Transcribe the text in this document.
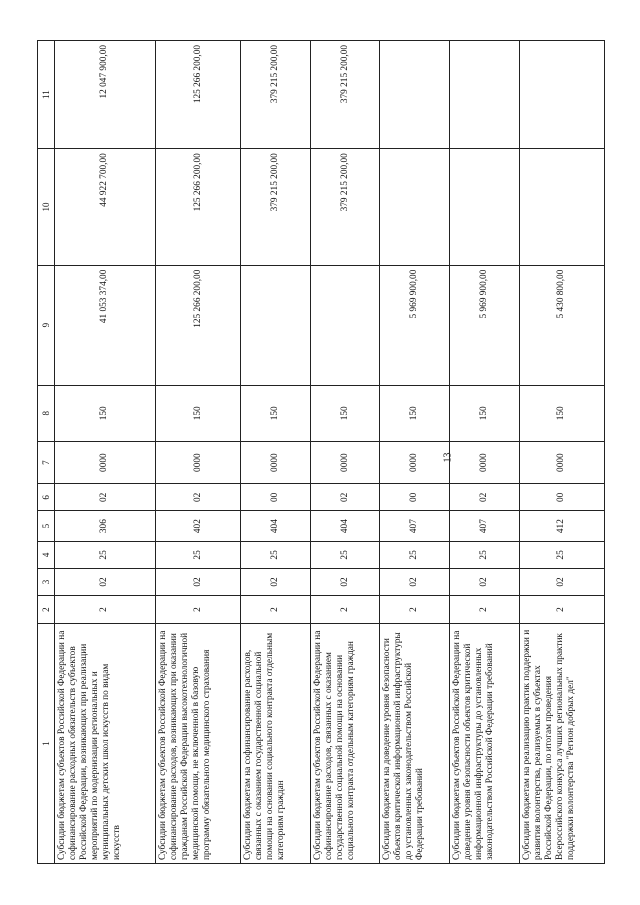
13
1	2	3	4	5	6	7	8	9	10	11
Субсидии бюджетам субъектов Российской Федерации на софинансирование расходных обязательств субъектов Российской Федерации, возникающих при реализации мероприятий по модернизации региональных и муниципальных детских школ искусств по видам искусств	2	02	25	306	02	0000	150	41 053 374,00	44 922 700,00	12 047 900,00
Субсидии бюджетам субъектов Российской Федерации на софинансирование расходов, возникающих при оказании гражданам Российской Федерации высокотехнологичной медицинской помощи, не включенной в базовую программу обязательного медицинского страхования	2	02	25	402	02	0000	150	125 266 200,00	125 266 200,00	125 266 200,00
Субсидии бюджетам на софинансирование расходов, связанных с оказанием государственной социальной помощи на основании социального контракта отдельным категориям граждан	2	02	25	404	00	0000	150		379 215 200,00	379 215 200,00
Субсидии бюджетам субъектов Российской Федерации на софинансирование расходов, связанных с оказанием государственной социальной помощи на основании социального контракта отдельным категориям граждан	2	02	25	404	02	0000	150		379 215 200,00	379 215 200,00
Субсидии бюджетам на доведение уровня безопасности объектов критической информационной инфраструктуры до установленных законодательством Российской Федерации требований	2	02	25	407	00	0000	150	5 969 900,00		
Субсидии бюджетам субъектов Российской Федерации на доведение уровня безопасности объектов критической информационной инфраструктуры до установленных законодательством Российской Федерации требований	2	02	25	407	02	0000	150	5 969 900,00		
Субсидии бюджетам на реализацию практик поддержки и развития волонтерства, реализуемых в субъектах Российской Федерации, по итогам проведения Всероссийского конкурса лучших региональных практик поддержки волонтерства "Регион добрых дел"	2	02	25	412	00	0000	150	5 430 800,00		
